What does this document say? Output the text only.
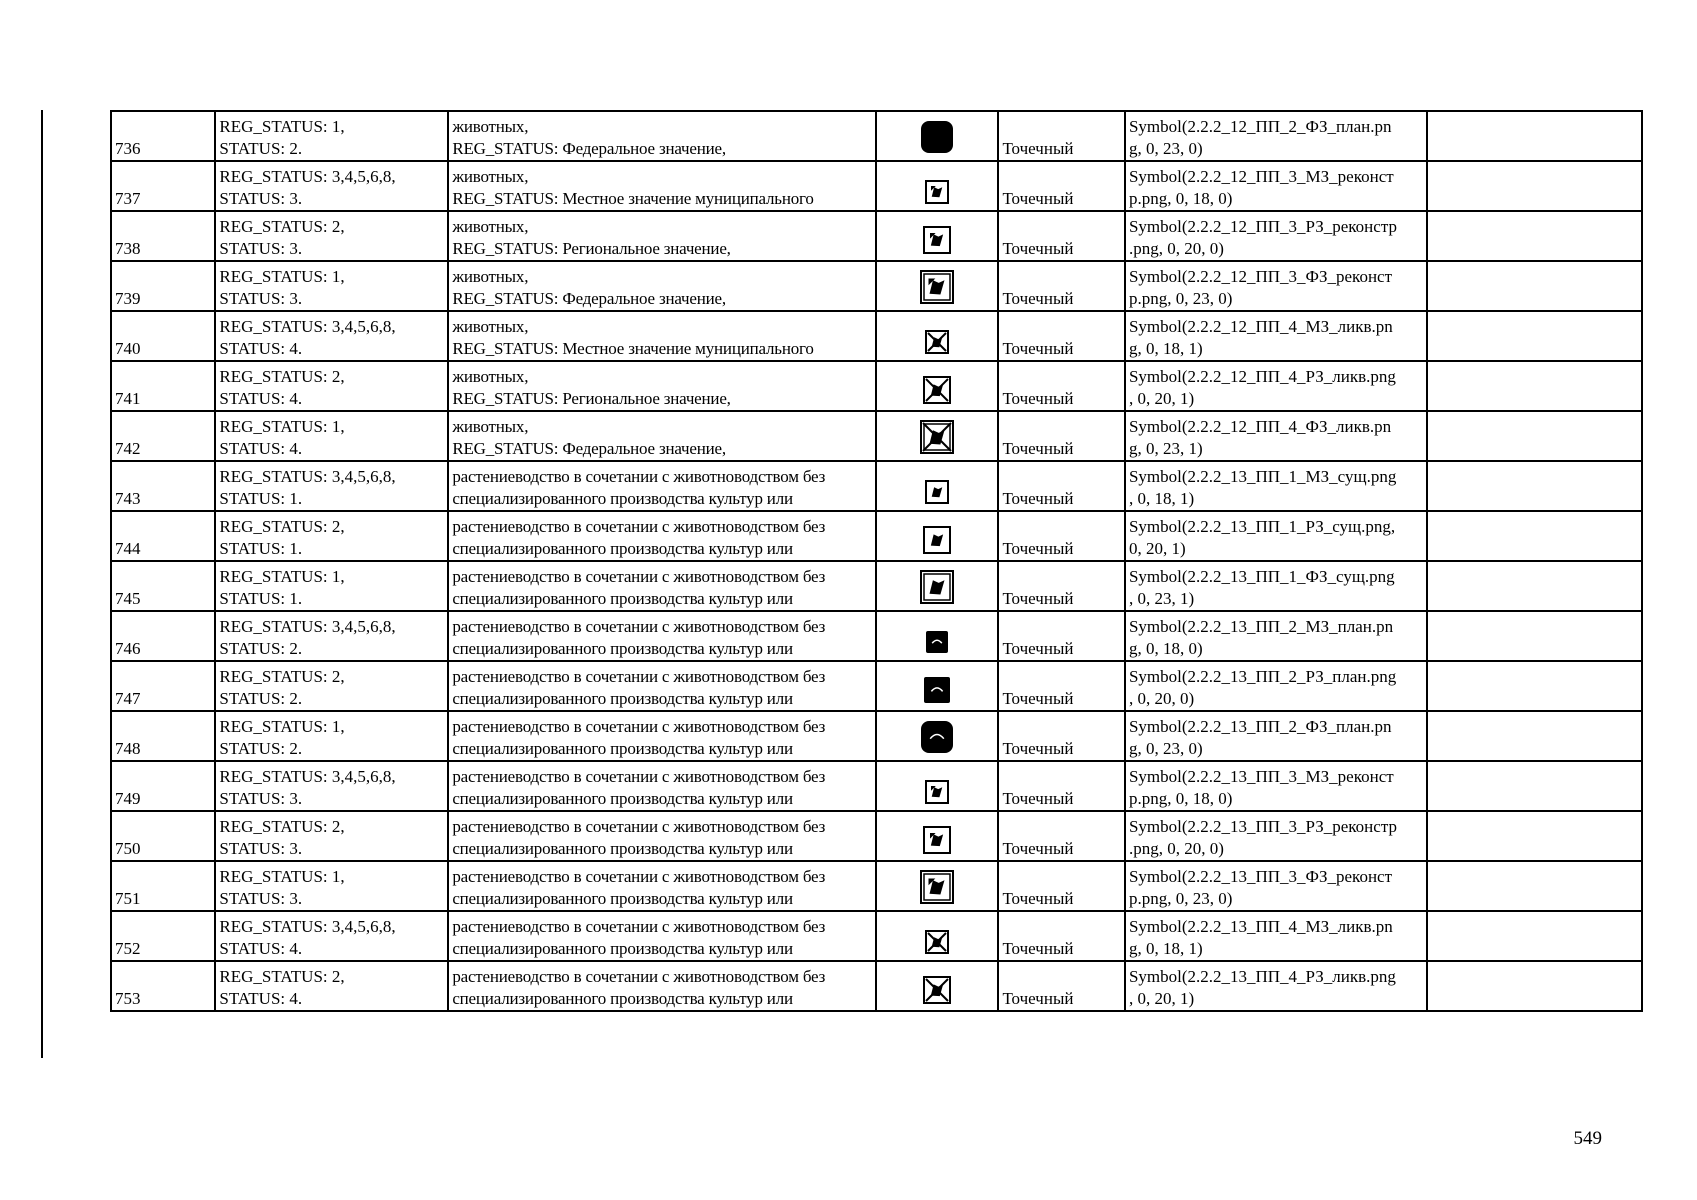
736	REG_STATUS: 1,
STATUS: 2.	животных,
REG_STATUS: Федеральное значение,		Точечный	Symbol(2.2.2_12_ПП_2_ФЗ_план.pn
g, 0, 23, 0)	

737	REG_STATUS: 3,4,5,6,8,
STATUS: 3.	животных,
REG_STATUS: Местное значение муниципального		Точечный	Symbol(2.2.2_12_ПП_3_МЗ_реконст
p.png, 0, 18, 0)	

738	REG_STATUS: 2,
STATUS: 3.	животных,
REG_STATUS: Региональное значение,		Точечный	Symbol(2.2.2_12_ПП_3_РЗ_реконстр
.png, 0, 20, 0)	

739	REG_STATUS: 1,
STATUS: 3.	животных,
REG_STATUS: Федеральное значение,		Точечный	Symbol(2.2.2_12_ПП_3_ФЗ_реконст
p.png, 0, 23, 0)	

740	REG_STATUS: 3,4,5,6,8,
STATUS: 4.	животных,
REG_STATUS: Местное значение муниципального		Точечный	Symbol(2.2.2_12_ПП_4_МЗ_ликв.pn
g, 0, 18, 1)	

741	REG_STATUS: 2,
STATUS: 4.	животных,
REG_STATUS: Региональное значение,		Точечный	Symbol(2.2.2_12_ПП_4_РЗ_ликв.png
, 0, 20, 1)	

742	REG_STATUS: 1,
STATUS: 4.	животных,
REG_STATUS: Федеральное значение,		Точечный	Symbol(2.2.2_12_ПП_4_ФЗ_ликв.pn
g, 0, 23, 1)	

743	REG_STATUS: 3,4,5,6,8,
STATUS: 1.	растениеводство в сочетании с животноводством без
специализированного производства культур или		Точечный	Symbol(2.2.2_13_ПП_1_МЗ_сущ.png
, 0, 18, 1)	

744	REG_STATUS: 2,
STATUS: 1.	растениеводство в сочетании с животноводством без
специализированного производства культур или		Точечный	Symbol(2.2.2_13_ПП_1_РЗ_сущ.png,
0, 20, 1)	

745	REG_STATUS: 1,
STATUS: 1.	растениеводство в сочетании с животноводством без
специализированного производства культур или		Точечный	Symbol(2.2.2_13_ПП_1_ФЗ_сущ.png
, 0, 23, 1)	

746	REG_STATUS: 3,4,5,6,8,
STATUS: 2.	растениеводство в сочетании с животноводством без
специализированного производства культур или		Точечный	Symbol(2.2.2_13_ПП_2_МЗ_план.pn
g, 0, 18, 0)	

747	REG_STATUS: 2,
STATUS: 2.	растениеводство в сочетании с животноводством без
специализированного производства культур или		Точечный	Symbol(2.2.2_13_ПП_2_РЗ_план.png
, 0, 20, 0)	

748	REG_STATUS: 1,
STATUS: 2.	растениеводство в сочетании с животноводством без
специализированного производства культур или		Точечный	Symbol(2.2.2_13_ПП_2_ФЗ_план.pn
g, 0, 23, 0)	

749	REG_STATUS: 3,4,5,6,8,
STATUS: 3.	растениеводство в сочетании с животноводством без
специализированного производства культур или		Точечный	Symbol(2.2.2_13_ПП_3_МЗ_реконст
p.png, 0, 18, 0)	

750	REG_STATUS: 2,
STATUS: 3.	растениеводство в сочетании с животноводством без
специализированного производства культур или		Точечный	Symbol(2.2.2_13_ПП_3_РЗ_реконстр
.png, 0, 20, 0)	

751	REG_STATUS: 1,
STATUS: 3.	растениеводство в сочетании с животноводством без
специализированного производства культур или		Точечный	Symbol(2.2.2_13_ПП_3_ФЗ_реконст
p.png, 0, 23, 0)	

752	REG_STATUS: 3,4,5,6,8,
STATUS: 4.	растениеводство в сочетании с животноводством без
специализированного производства культур или		Точечный	Symbol(2.2.2_13_ПП_4_МЗ_ликв.pn
g, 0, 18, 1)	

753	REG_STATUS: 2,
STATUS: 4.	растениеводство в сочетании с животноводством без
специализированного производства культур или		Точечный	Symbol(2.2.2_13_ПП_4_РЗ_ликв.png
, 0, 20, 1)	

549
